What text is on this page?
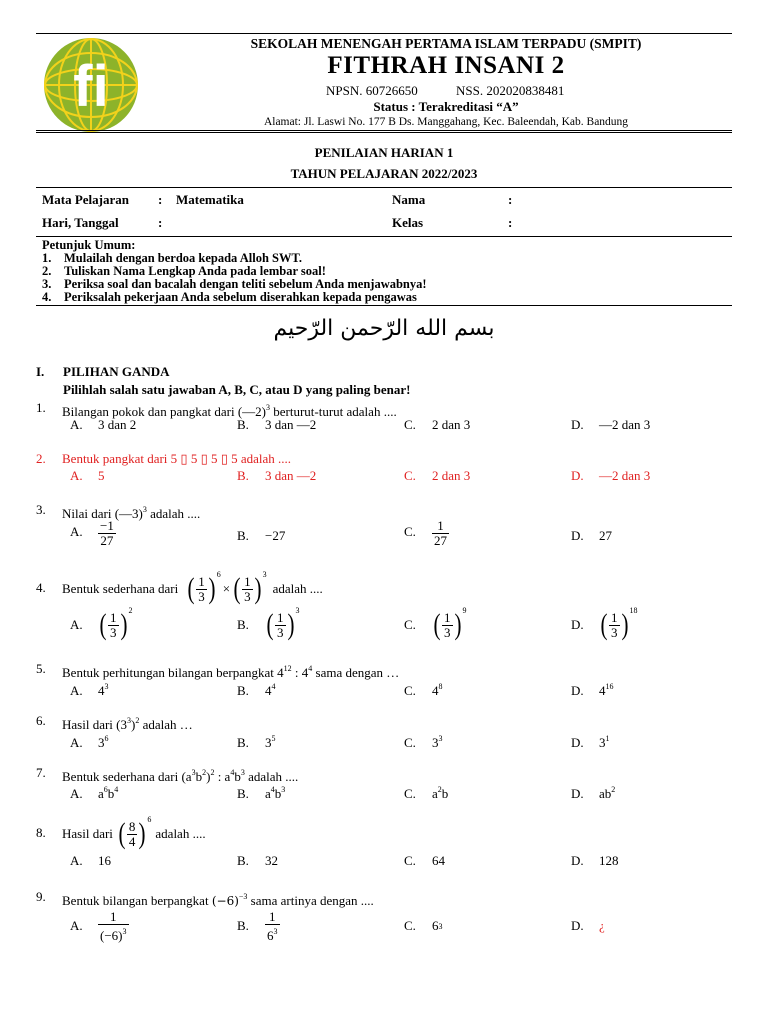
fi
SEKOLAH MENENGAH PERTAMA ISLAM TERPADU (SMPIT)
FITHRAH INSANI 2
NPSN. 60726650	NSS. 202020838481
Status : Terakreditasi “A”
Alamat: Jl. Laswi No. 177 B Ds. Manggahang, Kec. Baleendah, Kab. Bandung
PENILAIAN HARIAN 1
TAHUN PELAJARAN 2022/2023
Mata Pelajaran : Matematika	Nama	:
Hari, Tanggal	:	Kelas	:
Petunjuk Umum:
1. Mulailah dengan berdoa kepada Alloh SWT.
2. Tuliskan Nama Lengkap Anda pada lembar soal!
3. Periksa soal dan bacalah dengan teliti sebelum Anda menjawabnya!
4. Periksalah pekerjaan Anda sebelum diserahkan kepada pengawas
بسم الله الرّحمن الرّحيم
I. PILIHAN GANDA
Pilihlah salah satu jawaban A, B, C, atau D yang paling benar!
1. Bilangan pokok dan pangkat dari (—2)$^3$ berturut-turut adalah ....
A. 3 dan 2	B. 3 dan —2	C. 2 dan 3	D. —2 dan 3
2. Bentuk pangkat dari 5 ▯ 5 ▯ 5 ▯ 5 adalah ....
A. 5	B. 3 dan —2	C. 2 dan 3	D. —2 dan 3
3. Nilai dari (—3)$^3$ adalah ....
A. $\frac{-1}{27}$	B. −27	C. $\frac{1}{27}$	D. 27
4. Bentuk sederhana dari ( $\frac{1}{3}$ ) 6
× ( $\frac{1}{3}$ ) 3
adalah ....
A. ( $\frac{1}{3}$ ) 2
B. ( $\frac{1}{3}$ ) 3
C. ( $\frac{1}{3}$ ) 9
D. ( $\frac{1}{3}$ ) 18
5. Bentuk perhitungan bilangan berpangkat $4^{12}$ : $4^4$ sama dengan …
A. $4^3$	B. $4^4$	C. $4^8$	D. $4^{16}$
6. Hasil dari $(3^3)^2$ adalah …
A. $3^6$	B. $3^5$	C. $3^3$	D. $3^1$
7. Bentuk sederhana dari $(a^3b^2)^2$ : $a^4b^3$ adalah ....
A. $a^6b^4$	B. $a^4b^3$	C. $a^2b$	D. $ab^2$
8. Hasil dari ( $\frac{8}{4}$ ) 6
adalah ....
A. 16	B. 32	C. 64	D. 128
9. Bentuk bilangan berpangkat $(-6)^{-3}$ sama artinya dengan ....
A.	$\frac{1}{(-6)^3}$	B.	$\frac{1}{6^3}$	C.	6 3	D.	¿
